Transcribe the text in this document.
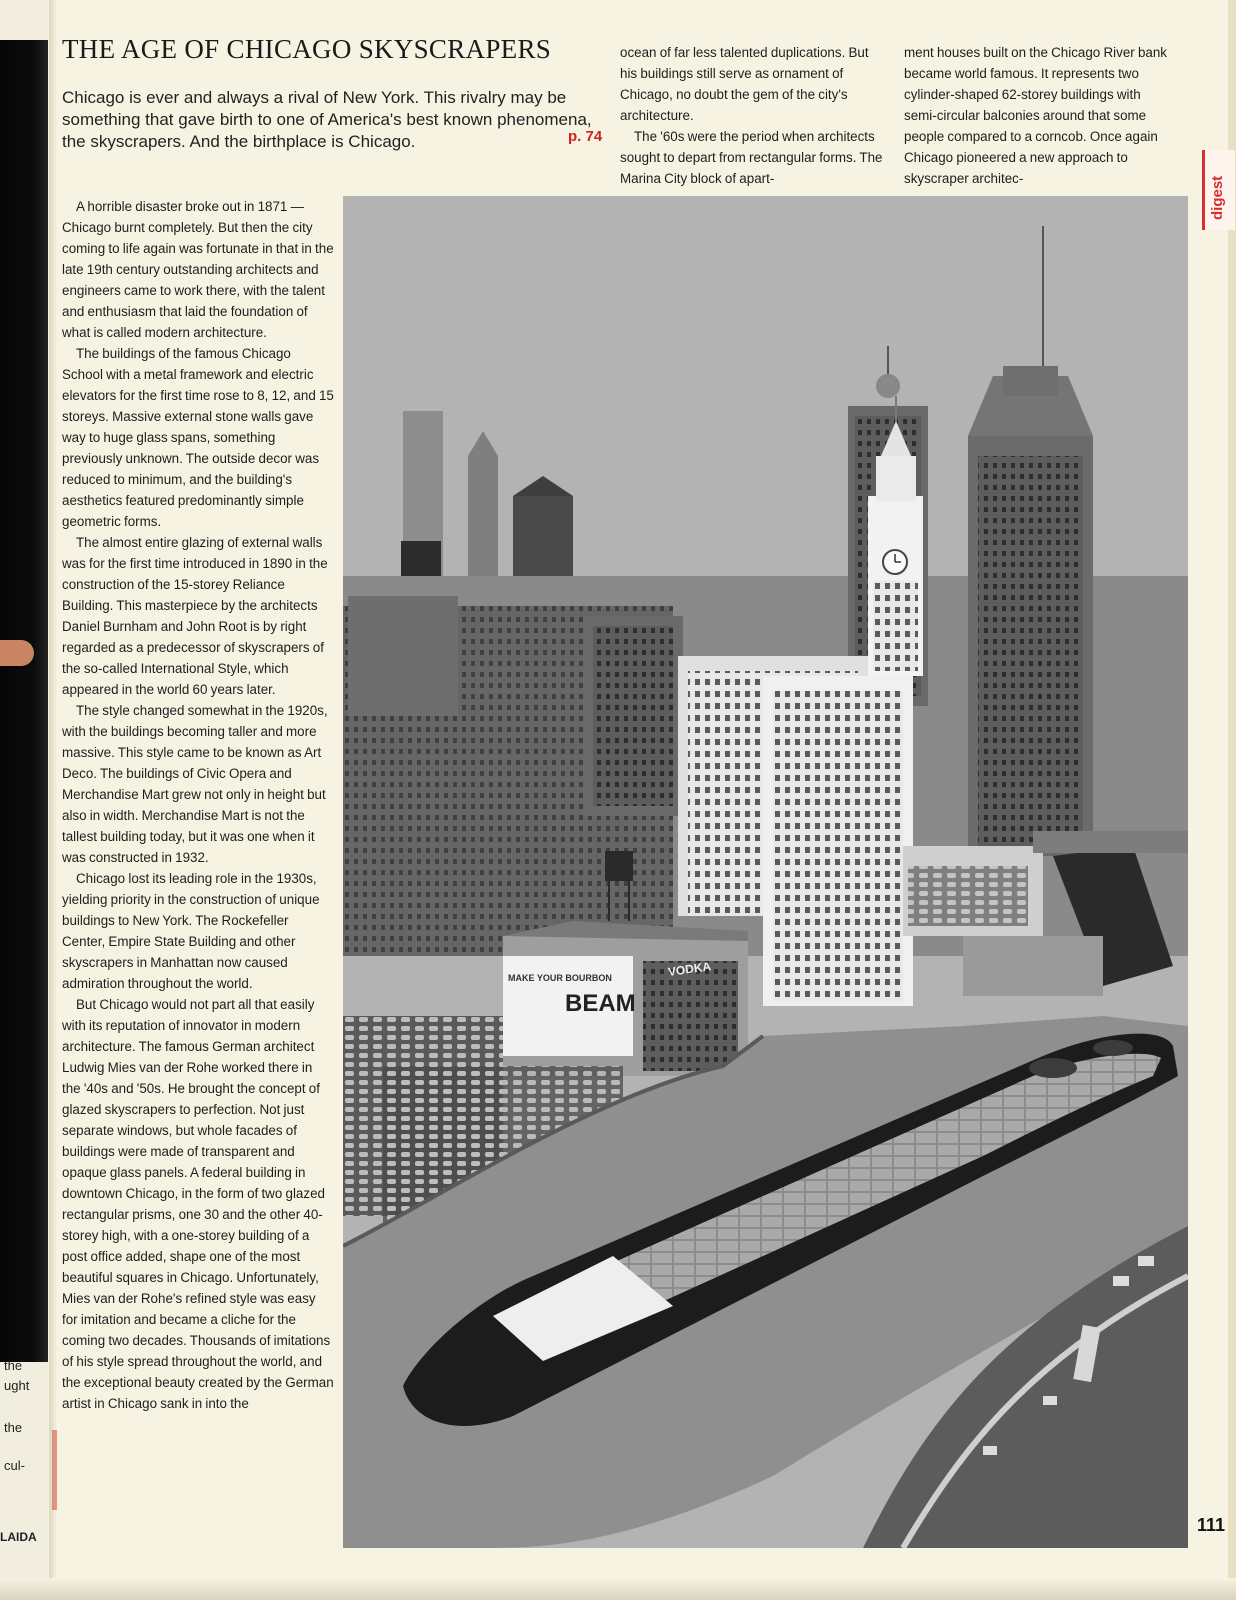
the
ught
the
cul-
LAIDA
THE AGE OF CHICAGO SKYSCRAPERS

Chicago is ever and always a rival of New York. This rivalry may be something that gave birth to one of America's best known phenomena, the skyscrapers. And the birthplace is Chicago.	p. 74

A horrible disaster broke out in 1871 — Chicago burnt completely. But then the city coming to life again was fortunate in that in the late 19th century outstanding architects and engineers came to work there, with the talent and enthusiasm that laid the foundation of what is called modern architecture.

The buildings of the famous Chicago School with a metal framework and electric elevators for the first time rose to 8, 12, and 15 storeys. Massive external stone walls gave way to huge glass spans, something previously unknown. The outside decor was reduced to minimum, and the building's aesthetics featured predominantly simple geometric forms.

The almost entire glazing of external walls was for the first time introduced in 1890 in the construction of the 15-storey Reliance Building. This masterpiece by the architects Daniel Burnham and John Root is by right regarded as a predecessor of skyscrapers of the so-called International Style, which appeared in the world 60 years later.

The style changed somewhat in the 1920s, with the buildings becoming taller and more massive. This style came to be known as Art Deco. The buildings of Civic Opera and Merchandise Mart grew not only in height but also in width. Merchandise Mart is not the tallest building today, but it was one when it was constructed in 1932.

Chicago lost its leading role in the 1930s, yielding priority in the construction of unique buildings to New York. The Rockefeller Center, Empire State Building and other skyscrapers in Manhattan now caused admiration throughout the world.

But Chicago would not part all that easily with its reputation of innovator in modern architecture. The famous German architect Ludwig Mies van der Rohe worked there in the '40s and '50s. He brought the concept of glazed skyscrapers to perfection. Not just separate windows, but whole facades of buildings were made of transparent and opaque glass panels. A federal building in downtown Chicago, in the form of two glazed rectangular prisms, one 30 and the other 40-storey high, with a one-storey building of a post office added, shape one of the most beautiful squares in Chicago. Unfortunately, Mies van der Rohe's refined style was easy for imitation and became a cliche for the coming two decades. Thousands of imitations of his style spread throughout the world, and the exceptional beauty created by the German artist in Chicago sank in into the

ocean of far less talented duplications. But his buildings still serve as ornament of Chicago, no doubt the gem of the city's architecture.

The '60s were the period when architects sought to depart from rectangular forms. The Marina City block of apart-

ment houses built on the Chicago River bank became world famous. It represents two cylinder-shaped 62-storey buildings with semi-circular balconies around that some people compared to a corncob. Once again Chicago pioneered a new approach to skyscraper architec-

MAKE YOUR BOURBON
BEAM
VODKA
digest
111
